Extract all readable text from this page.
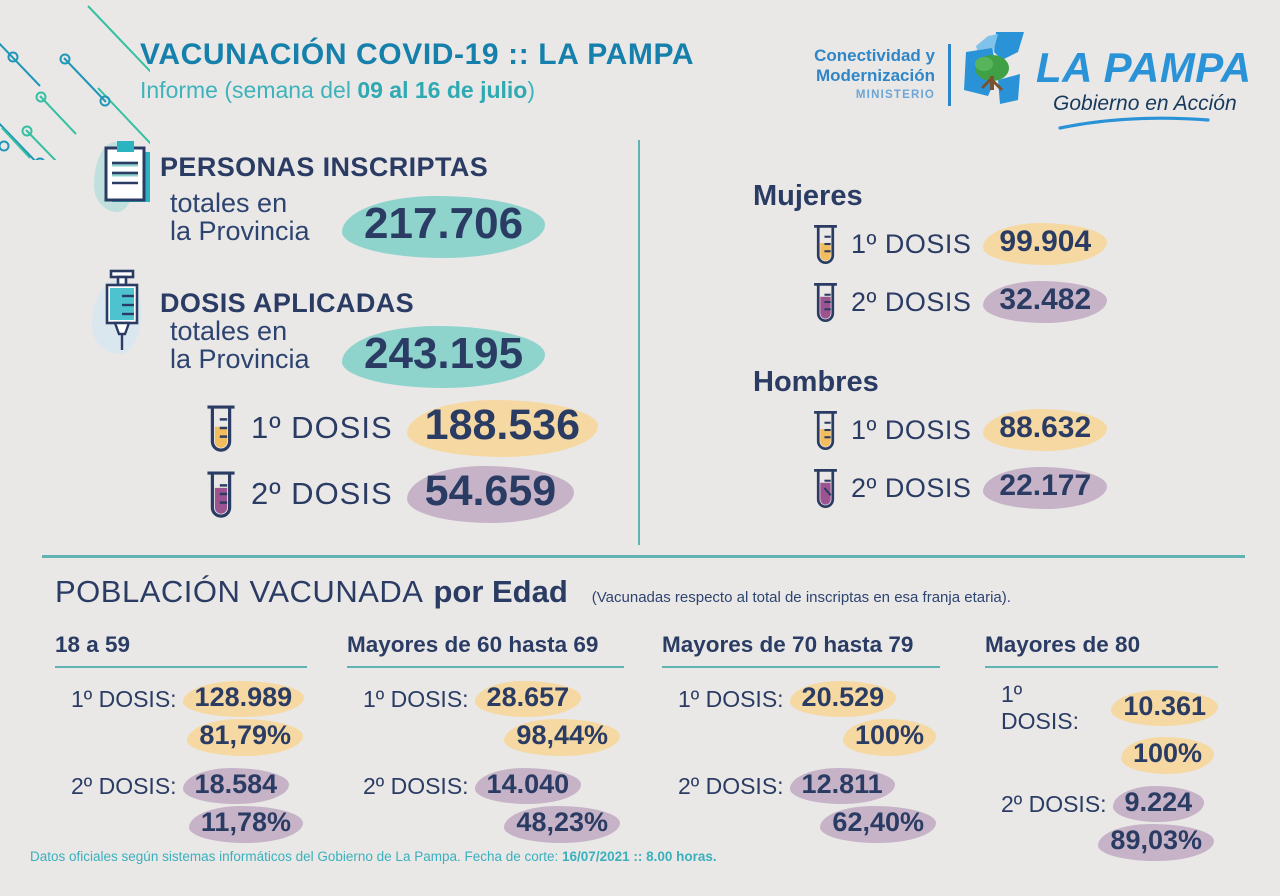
VACUNACIÓN COVID-19 :: LA PAMPA
Informe (semana del 09 al 16 de julio)
Conectividad y
Modernización
MINISTERIO
LA PAMPA
Gobierno en Acción
PERSONAS INSCRIPTAS
totales en
la Provincia	217.706
DOSIS APLICADAS
totales en
la Provincia	243.195
1º DOSIS 188.536
2º DOSIS 54.659
Mujeres
1º DOSIS 99.904
2º DOSIS 32.482
Hombres
1º DOSIS 88.632
2º DOSIS 22.177
POBLACIÓN VACUNADA por Edad (Vacunadas respecto al total de inscriptas en esa franja etaria).
18 a 59
1º DOSIS: 128.989
81,79%
2º DOSIS: 18.584
11,78%
Mayores de 60 hasta 69
1º DOSIS: 28.657
98,44%
2º DOSIS: 14.040
48,23%
Mayores de 70 hasta 79
1º DOSIS: 20.529
100%
2º DOSIS: 12.811
62,40%
Mayores de 80
1º DOSIS:	10.361
100%
2º DOSIS: 9.224
89,03%
Datos oficiales según sistemas informáticos del Gobierno de La Pampa. Fecha de corte: 16/07/2021 :: 8.00 horas.
